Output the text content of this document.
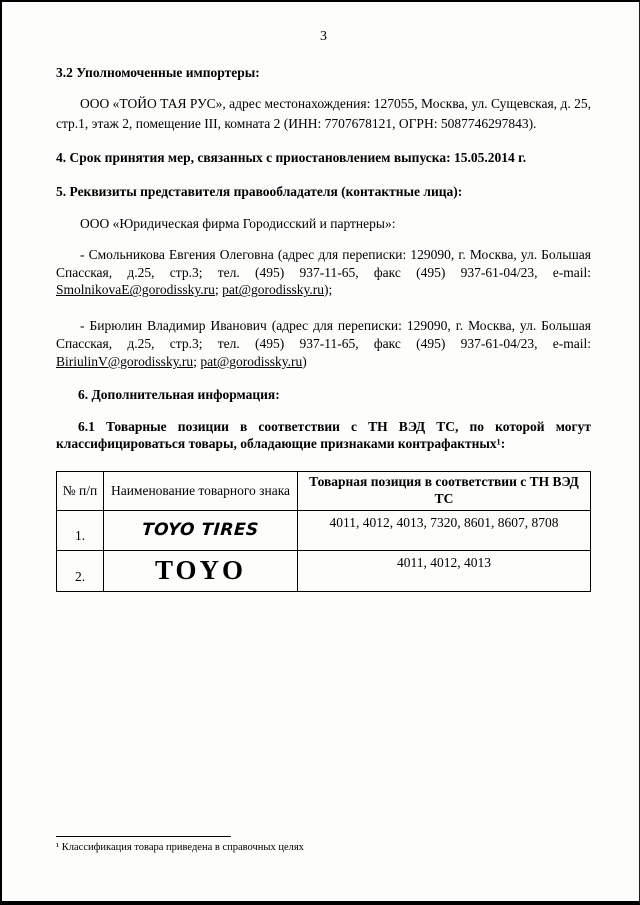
3

3.2 Уполномоченные импортеры:

ООО «ТОЙО ТАЯ РУС», адрес местонахождения: 127055, Москва, ул. Сущевская, д. 25, стр.1, этаж 2, помещение III, комната 2 (ИНН: 7707678121, ОГРН: 5087746297843).

4. Срок принятия мер, связанных с приостановлением выпуска: 15.05.2014 г.

5. Реквизиты представителя правообладателя (контактные лица):

ООО «Юридическая фирма Городисский и партнеры»:

- Смольникова Евгения Олеговна (адрес для переписки: 129090, г. Москва, ул. Большая Спасская, д.25, стр.3; тел. (495) 937-11-65, факс (495) 937-61-04/23, e-mail: SmolnikovaE@gorodissky.ru; pat@gorodissky.ru);

- Бирюлин Владимир Иванович (адрес для переписки: 129090, г. Москва, ул. Большая Спасская, д.25, стр.3; тел. (495) 937-11-65, факс (495) 937-61-04/23, e-mail: BiriulinV@gorodissky.ru; pat@gorodissky.ru)

6. Дополнительная информация:

6.1 Товарные позиции в соответствии с ТН ВЭД ТС, по которой могут классифицироваться товары, обладающие признаками контрафактных¹:

№ п/п	Наименование товарного знака	Товарная позиция в соответствии с ТН ВЭД ТС
1.	TOYO TIRES	4011, 4012, 4013, 7320, 8601, 8607, 8708
2.	TOYO	4011, 4012, 4013
¹ Классификация товара приведена в справочных целях
